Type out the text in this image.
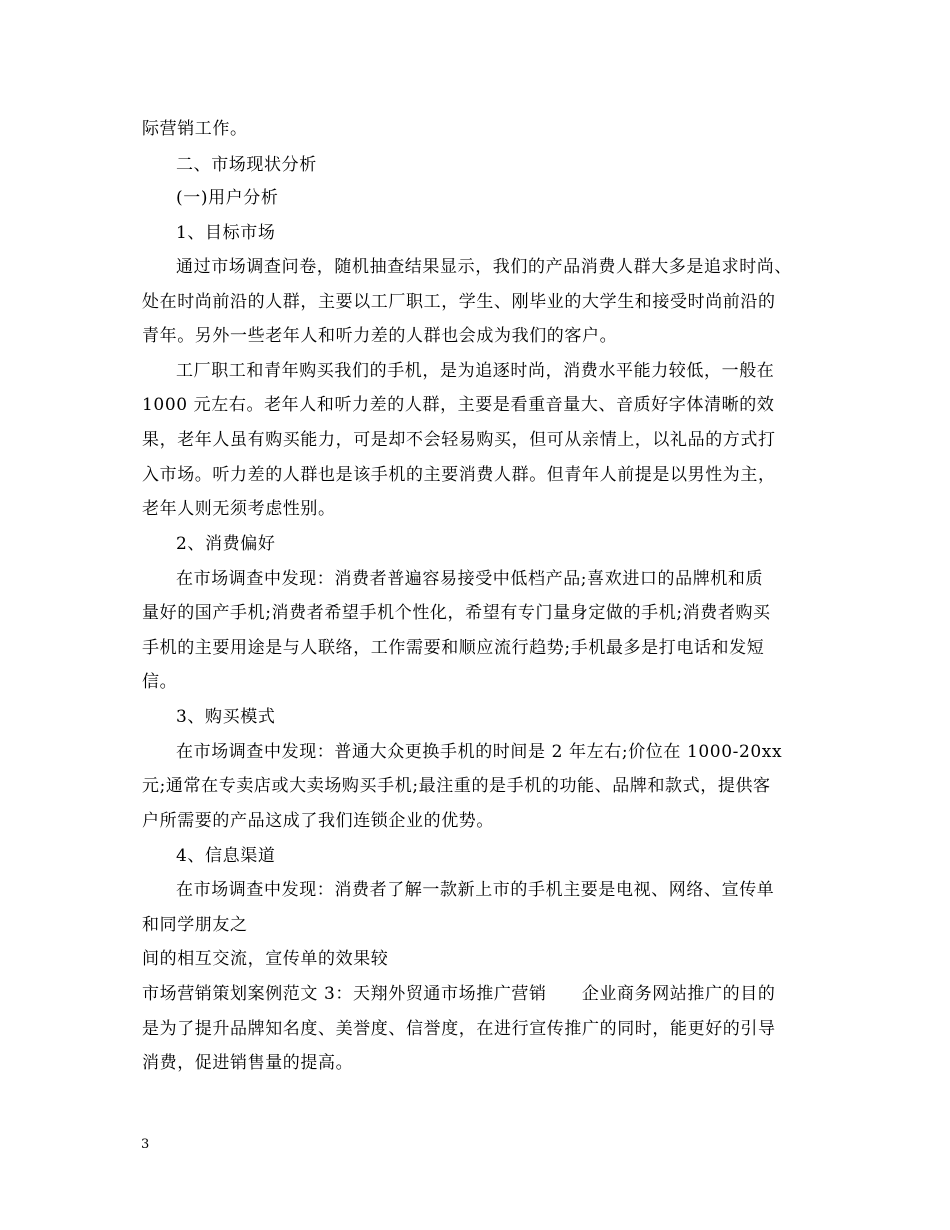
际营销工作。
二、市场现状分析
(一)用户分析
1、目标市场
通过市场调查问卷，随机抽查结果显示，我们的产品消费人群大多是追求时尚、
处在时尚前沿的人群，主要以工厂职工，学生、刚毕业的大学生和接受时尚前沿的
青年。另外一些老年人和听力差的人群也会成为我们的客户。
工厂职工和青年购买我们的手机，是为追逐时尚，消费水平能力较低，一般在
1000 元左右。老年人和听力差的人群，主要是看重音量大、音质好字体清晰的效
果，老年人虽有购买能力，可是却不会轻易购买，但可从亲情上，以礼品的方式打
入市场。听力差的人群也是该手机的主要消费人群。但青年人前提是以男性为主，
老年人则无须考虑性别。
2、消费偏好
在市场调查中发现：消费者普遍容易接受中低档产品;喜欢进口的品牌机和质
量好的国产手机;消费者希望手机个性化，希望有专门量身定做的手机;消费者购买
手机的主要用途是与人联络，工作需要和顺应流行趋势;手机最多是打电话和发短
信。
3、购买模式
在市场调查中发现：普通大众更换手机的时间是 2 年左右;价位在 1000-20xx
元;通常在专卖店或大卖场购买手机;最注重的是手机的功能、品牌和款式，提供客
户所需要的产品这成了我们连锁企业的优势。
4、信息渠道
在市场调查中发现：消费者了解一款新上市的手机主要是电视、网络、宣传单
和同学朋友之
间的相互交流，宣传单的效果较
市场营销策划案例范文 3：天翔外贸通市场推广营销　　企业商务网站推广的目的
是为了提升品牌知名度、美誉度、信誉度，在进行宣传推广的同时，能更好的引导
消费，促进销售量的提高。
3
